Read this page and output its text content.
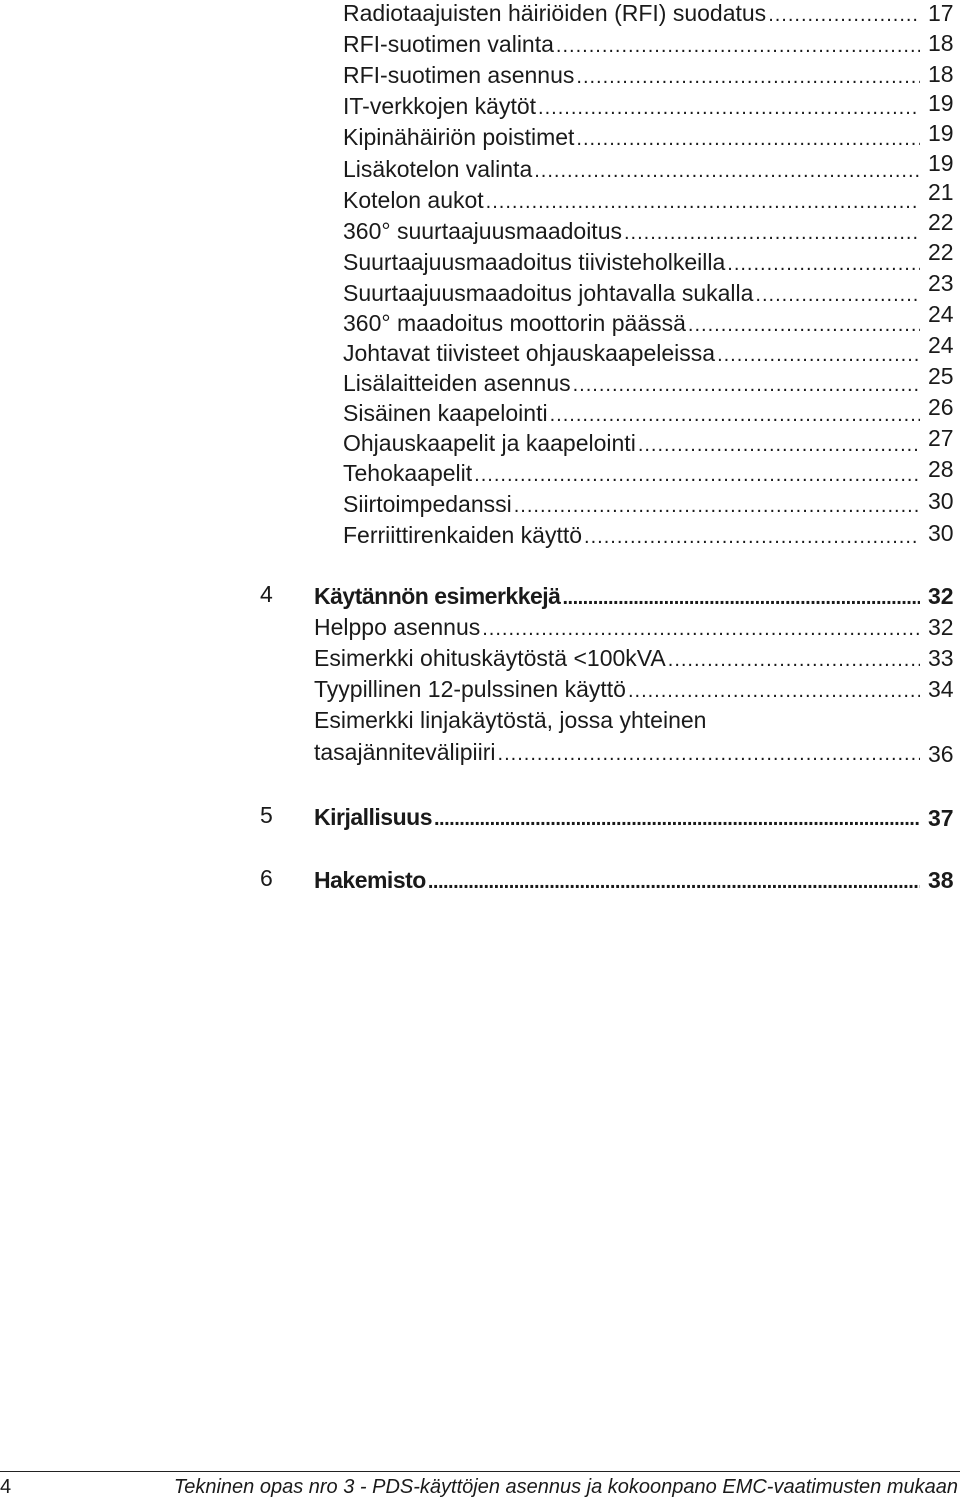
Radiotaajuisten häiriöiden (RFI) suodatus .....	17
RFI-suotimen valinta .....	18
RFI-suotimen asennus .....	18
IT-verkkojen käytöt .....	19
Kipinähäiriön poistimet .....	19
Lisäkotelon valinta .....	19
Kotelon aukot .....	21
360° suurtaajuusmaadoitus .....	22
Suurtaajuusmaadoitus tiivisteholkeilla .....	22
Suurtaajuusmaadoitus johtavalla sukalla .....	23
360° maadoitus moottorin päässä .....	24
Johtavat tiivisteet ohjauskaapeleissa .....	24
Lisälaitteiden asennus .....	25
Sisäinen kaapelointi .....	26
Ohjauskaapelit ja kaapelointi .....	27
Tehokaapelit .....	28
Siirtoimpedanssi .....	30
Ferriittirenkaiden käyttö .....	30
4 Käytännön esimerkkejä .....	32
Helppo asennus .....	32
Esimerkki ohituskäytöstä <100kVA .....	33
Tyypillinen 12-pulssinen käyttö .....	34
Esimerkki linjakäytöstä, jossa yhteinen
tasajännitevälipiiri .....	36
5 Kirjallisuus .....	37
6 Hakemisto .....	38
4	Tekninen opas nro 3 - PDS-käyttöjen asennus ja kokoonpano EMC-vaatimusten mukaan
